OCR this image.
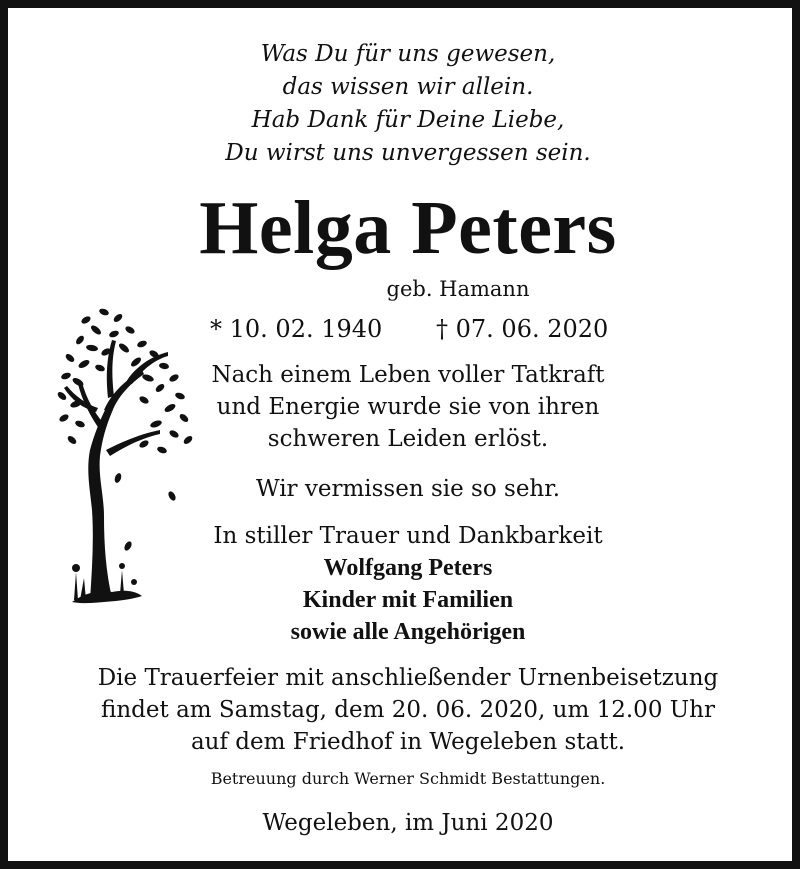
Was Du für uns gewesen,
das wissen wir allein.
Hab Dank für Deine Liebe,
Du wirst uns unvergessen sein.
Helga Peters
geb. Hamann
* 10. 02. 1940 † 07. 06. 2020
Nach einem Leben voller Tatkraft
und Energie wurde sie von ihren
schweren Leiden erlöst.
Wir vermissen sie so sehr.
In stiller Trauer und Dankbarkeit
Wolfgang Peters
Kinder mit Familien
sowie alle Angehörigen
Die Trauerfeier mit anschließender Urnenbeisetzung
findet am Samstag, dem 20. 06. 2020, um 12.00 Uhr
auf dem Friedhof in Wegeleben statt.
Betreuung durch Werner Schmidt Bestattungen.
Wegeleben, im Juni 2020
